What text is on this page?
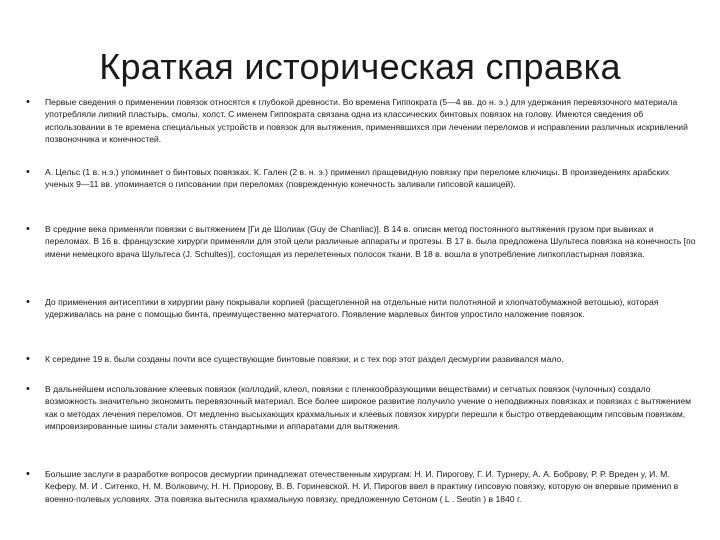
Краткая историческая справка
• Первые сведения о применении повязок относятся к глубокой древности. Во времена Гиппократа (5—4 вв. до н. э.) для удержания перевязочного материала употребляли липкий пластырь, смолы, холст. С именем Гиппократа связана одна из классических бинтовых повязок на голову. Имеются сведения об использовании в те времена специальных устройств и повязок для вытяжения, применявшихся при лечении переломов и исправлении различных искривлений позвоночника и конечностей.
• А. Цельс (1 в. н.э.) упоминает о бинтовых повязках. К. Гален (2 в. н. э.) применил пращевидную повязку при переломе ключицы. В произведениях арабских ученых 9—11 вв. упоминается о гипсовании при переломах (поврежденную конечность заливали гипсовой кашицей).
• В средние века применяли повязки с вытяжением [Ги де Шолиак (Guy de Chanliac)]. В 14 в. описан метод постоянного вытяжения грузом при вывихах и переломах. В 16 в. французские хирурги применяли для этой цели различные аппараты и протезы. В 17 в. была предложена Шультеса повязка на конечность [по имени немецкого врача Шультеса (J. Schultes)], состоящая из перелетенных полосок ткани. В 18 в. вошла в употребление липкопластырная повязка.
• До применения антисептики в хирургии рану покрывали корпией (расщепленной на отдельные нити полотняной и хлопчатобумажной ветошью), которая удерживалась на ране с помощью бинта, преимущественно матерчатого. Появление марлевых бинтов упростило наложение повязок.
• К середине 19 в. были созданы почти все существующие бинтовые повязки, и с тех пор этот раздел десмургии развивался мало.
• В дальнейшем использование клеевых повязок (коллодий, клеол, повязки с пленкообразующими веществами) и сетчатых повязок (чулочных) создало возможность значительно экономить перевязочный материал. Все более широкое развитие получило учение о неподвижных повязках и повязках с вытяжением как о методах лечения переломов. От медленно высыхающих крахмальных и клеевых повязок хирурги перешли к быстро отвердевающим гипсовым повязкам, импровизированные шины стали заменять стандартными и аппаратами для вытяжения.
• Большие заслуги в разработке вопросов десмургии принадлежат отечественным хирургам: Н. И. Пирогову, Г. И. Турнеру, А. А. Боброву, Р. Р. Вреден у, И. М. Кеферу, М. И . Ситенко, Н. М. Волковичу, Н. Н. Приорову, В. В. Гориневской. Н. И. Пирогов ввел в практику гипсовую повязку, которую он впервые применил в военно-полевых условиях. Эта повязка вытеснила крахмальную повязку, предложенную Сетоном ( L . Seutin ) в 1840 г.
